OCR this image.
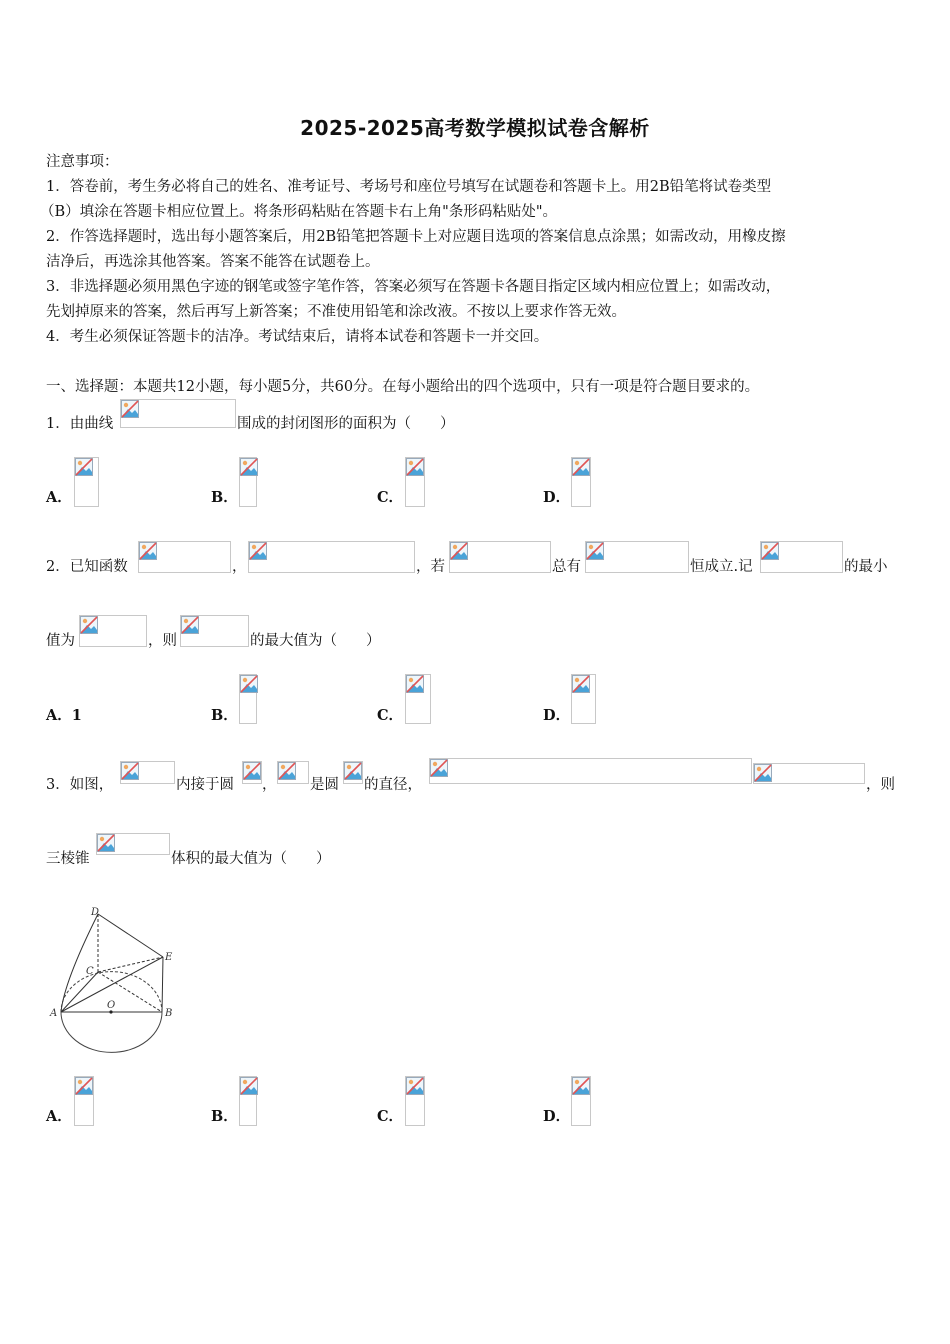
2025-2025高考数学模拟试卷含解析
注意事项：
1．答卷前，考生务必将自己的姓名、准考证号、考场号和座位号填写在试题卷和答题卡上。用2B铅笔将试卷类型
（B）填涂在答题卡相应位置上。将条形码粘贴在答题卡右上角"条形码粘贴处"。
2．作答选择题时，选出每小题答案后，用2B铅笔把答题卡上对应题目选项的答案信息点涂黑；如需改动，用橡皮擦
洁净后，再选涂其他答案。答案不能答在试题卷上。
3．非选择题必须用黑色字迹的钢笔或签字笔作答，答案必须写在答题卡各题目指定区域内相应位置上；如需改动，
先划掉原来的答案，然后再写上新答案；不准使用铅笔和涂改液。不按以上要求作答无效。
4．考生必须保证答题卡的洁净。考试结束后，请将本试卷和答题卡一并交回。
一、选择题：本题共12小题，每小题5分，共60分。在每小题给出的四个选项中，只有一项是符合题目要求的。
1．由曲线	围成的封闭图形的面积为（　　）
A．	B．	C．	D．
2．已知函数	，	，若	总有	恒成立.记	的最小
值为	，则	的最大值为（　　）
A．1	B．	C．	D．
3．如图，	内接于圆 ， 是圆 的直径，	，则
三棱锥	体积的最大值为（　　）
D
E
C
O
A	B
A．	B．	C．	D．
